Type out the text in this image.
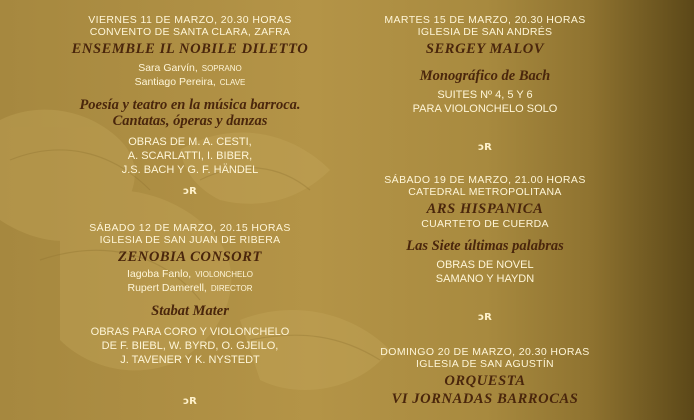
VIERNES 11 DE MARZO, 20.30 HORAS
CONVENTO DE SANTA CLARA, ZAFRA
ENSEMBLE IL NOBILE DILETTO
Sara Garvín, SOPRANO
Santiago Pereira, CLAVE
Poesía y teatro en la música barroca.
Cantatas, óperas y danzas
OBRAS DE M. A. CESTI,
A. SCARLATTI, I. BIBER,
J.S. BACH Y G. F. HÄNDEL
ↄR
SÁBADO 12 DE MARZO, 20.15 HORAS
IGLESIA DE SAN JUAN DE RIBERA
ZENOBIA CONSORT
Iagoba Fanlo, VIOLONCHELO
Rupert Damerell, DIRECTOR
Stabat Mater
OBRAS PARA CORO Y VIOLONCHELO
DE F. BIEBL, W. BYRD, O. GJEILO,
J. TAVENER Y K. NYSTEDT
ↄR
MARTES 15 DE MARZO, 20.30 HORAS
IGLESIA DE SAN ANDRÉS
SERGEY MALOV
Monográfico de Bach
SUITES Nº 4, 5 Y 6
PARA VIOLONCHELO SOLO
ↄR
SÁBADO 19 DE MARZO, 21.00 HORAS
CATEDRAL METROPOLITANA
ARS HISPANICA
CUARTETO DE CUERDA
Las Siete últimas palabras
OBRAS DE NOVEL
SAMANO Y HAYDN
ↄR
DOMINGO 20 DE MARZO, 20.30 HORAS
IGLESIA DE SAN AGUSTÍN
ORQUESTA
VI JORNADAS BARROCAS
